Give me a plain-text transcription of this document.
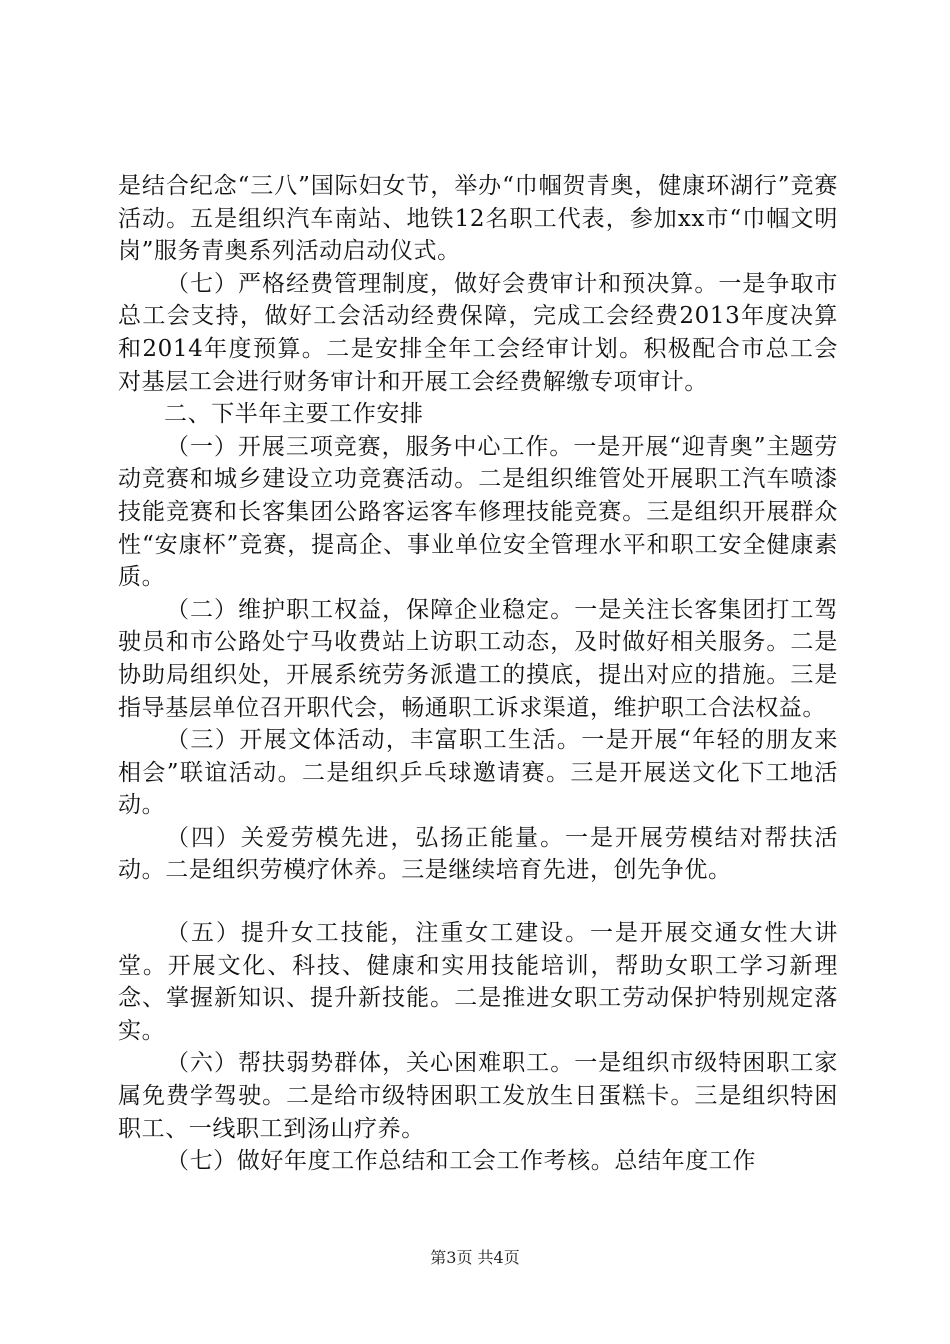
是结合纪念“三八”国际妇女节，举办“巾帼贺青奥，健康环湖行”竞赛活动。五是组织汽车南站、地铁12名职工代表，参加xx市“巾帼文明岗”服务青奥系列活动启动仪式。

（七）严格经费管理制度，做好会费审计和预决算。一是争取市总工会支持，做好工会活动经费保障，完成工会经费2013年度决算和2014年度预算。二是安排全年工会经审计划。积极配合市总工会对基层工会进行财务审计和开展工会经费解缴专项审计。

二、下半年主要工作安排

（一）开展三项竞赛，服务中心工作。一是开展“迎青奥”主题劳动竞赛和城乡建设立功竞赛活动。二是组织维管处开展职工汽车喷漆技能竞赛和长客集团公路客运客车修理技能竞赛。三是组织开展群众性“安康杯”竞赛，提高企、事业单位安全管理水平和职工安全健康素质。

（二）维护职工权益，保障企业稳定。一是关注长客集团打工驾驶员和市公路处宁马收费站上访职工动态，及时做好相关服务。二是协助局组织处，开展系统劳务派遣工的摸底，提出对应的措施。三是指导基层单位召开职代会，畅通职工诉求渠道，维护职工合法权益。

（三）开展文体活动，丰富职工生活。一是开展“年轻的朋友来相会”联谊活动。二是组织乒乓球邀请赛。三是开展送文化下工地活动。

（四）关爱劳模先进，弘扬正能量。一是开展劳模结对帮扶活动。二是组织劳模疗休养。三是继续培育先进，创先争优。

（五）提升女工技能，注重女工建设。一是开展交通女性大讲堂。开展文化、科技、健康和实用技能培训，帮助女职工学习新理念、掌握新知识、提升新技能。二是推进女职工劳动保护特别规定落实。

（六）帮扶弱势群体，关心困难职工。一是组织市级特困职工家属免费学驾驶。二是给市级特困职工发放生日蛋糕卡。三是组织特困职工、一线职工到汤山疗养。

（七）做好年度工作总结和工会工作考核。总结年度工作

第3页 共4页
